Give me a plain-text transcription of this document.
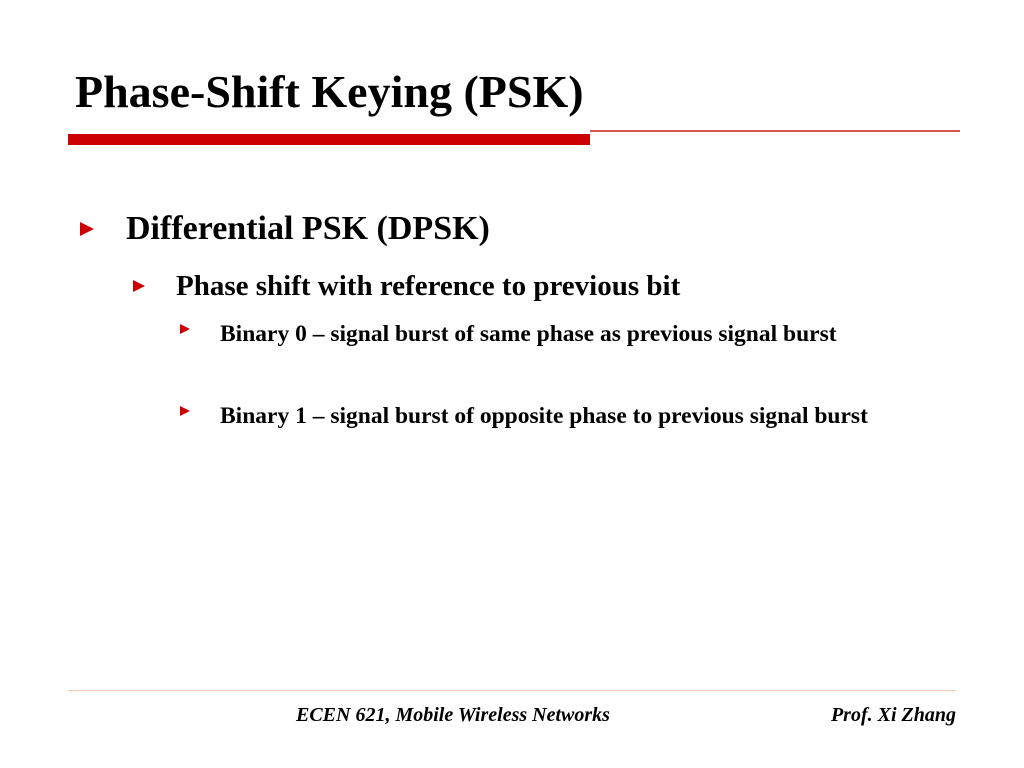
Phase-Shift Keying (PSK)
Differential PSK (DPSK)
Phase shift with reference to previous bit
Binary 0 – signal burst of same phase as previous signal burst
Binary 1 – signal burst of opposite phase to previous signal burst
ECEN 621, Mobile Wireless Networks	Prof. Xi Zhang
